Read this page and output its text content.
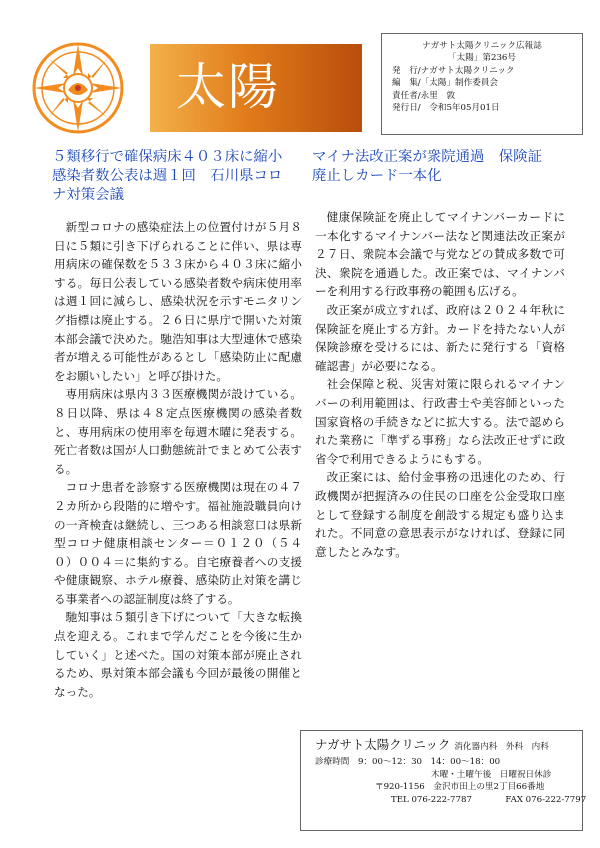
太陽
ナガサト太陽クリニック広報誌
「太陽」第236号
発　行/ナガサト太陽クリニック
編　集/「太陽」制作委員会
責任者/永里　敦
発行日/　令和5年05月01日
５類移行で確保病床４０３床に縮小
感染者数公表は週１回　石川県コロ
ナ対策会議
マイナ法改正案が衆院通過　保険証
廃止しカード一本化

新型コロナの感染症法上の位置付けが５月８日に５類に引き下げられることに伴い、県は専用病床の確保数を５３３床から４０３床に縮小する。毎日公表している感染者数や病床使用率は週１回に減らし、感染状況を示すモニタリング指標は廃止する。２６日に県庁で開いた対策本部会議で決めた。馳浩知事は大型連休で感染者が増える可能性があるとし「感染防止に配慮をお願いしたい」と呼び掛けた。

専用病床は県内３３医療機関が設けている。８日以降、県は４８定点医療機関の感染者数と、専用病床の使用率を毎週木曜に発表する。死亡者数は国が人口動態統計でまとめて公表する。

コロナ患者を診察する医療機関は現在の４７２カ所から段階的に増やす。福祉施設職員向けの一斉検査は継続し、三つある相談窓口は県新型コロナ健康相談センター＝０１２０（５４０）００４＝に集約する。自宅療養者への支援や健康観察、ホテル療養、感染防止対策を講じる事業者への認証制度は終了する。

馳知事は５類引き下げについて「大きな転換点を迎える。これまで学んだことを今後に生かしていく」と述べた。国の対策本部が廃止されるため、県対策本部会議も今回が最後の開催となった。

健康保険証を廃止してマイナンバーカードに一本化するマイナンバー法など関連法改正案が２７日、衆院本会議で与党などの賛成多数で可決、衆院を通過した。改正案では、マイナンバーを利用する行政事務の範囲も広げる。

改正案が成立すれば、政府は２０２４年秋に保険証を廃止する方針。カードを持たない人が保険診療を受けるには、新たに発行する「資格確認書」が必要になる。

社会保障と税、災害対策に限られるマイナンバーの利用範囲は、行政書士や美容師といった国家資格の手続きなどに拡大する。法で認められた業務に「準ずる事務」なら法改正せずに政省令で利用できるようにもする。

改正案には、給付金事務の迅速化のため、行政機関が把握済みの住民の口座を公金受取口座として登録する制度を創設する規定も盛り込まれた。不同意の意思表示がなければ、登録に同意したとみなす。

ナガサト太陽クリニック 消化器内科　外科　内科
診療時間　9：00～12：30　14：00～18：00
木曜・土曜午後　日曜祝日休診
〒920-1156　金沢市田上の里2丁目66番地
TEL 076-222-7787	FAX 076-222-7797
